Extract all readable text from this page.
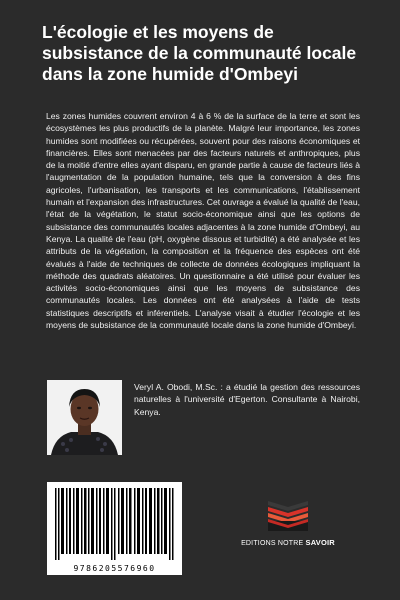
L'écologie et les moyens de subsistance de la communauté locale dans la zone humide d'Ombeyi
Les zones humides couvrent environ 4 à 6 % de la surface de la terre et sont les écosystèmes les plus productifs de la planète. Malgré leur importance, les zones humides sont modifiées ou récupérées, souvent pour des raisons économiques et financières. Elles sont menacées par des facteurs naturels et anthropiques, plus de la moitié d'entre elles ayant disparu, en grande partie à cause de facteurs liés à l'augmentation de la population humaine, tels que la conversion à des fins agricoles, l'urbanisation, les transports et les communications, l'établissement humain et l'expansion des infrastructures. Cet ouvrage a évalué la qualité de l'eau, l'état de la végétation, le statut socio-économique ainsi que les options de subsistance des communautés locales adjacentes à la zone humide d'Ombeyi, au Kenya. La qualité de l'eau (pH, oxygène dissous et turbidité) a été analysée et les attributs de la végétation, la composition et la fréquence des espèces ont été évalués à l'aide de techniques de collecte de données écologiques impliquant la méthode des quadrats aléatoires. Un questionnaire a été utilisé pour évaluer les activités socio-économiques ainsi que les moyens de subsistance des communautés locales. Les données ont été analysées à l'aide de tests statistiques descriptifs et inférentiels. L'analyse visait à étudier l'écologie et les moyens de subsistance de la communauté locale dans la zone humide d'Ombeyi.
Veryl A. Obodi, M.Sc. : a étudié la gestion des ressources naturelles à l'université d'Egerton. Consultante à Nairobi, Kenya.
9786205576960
EDITIONS NOTRE SAVOIR
